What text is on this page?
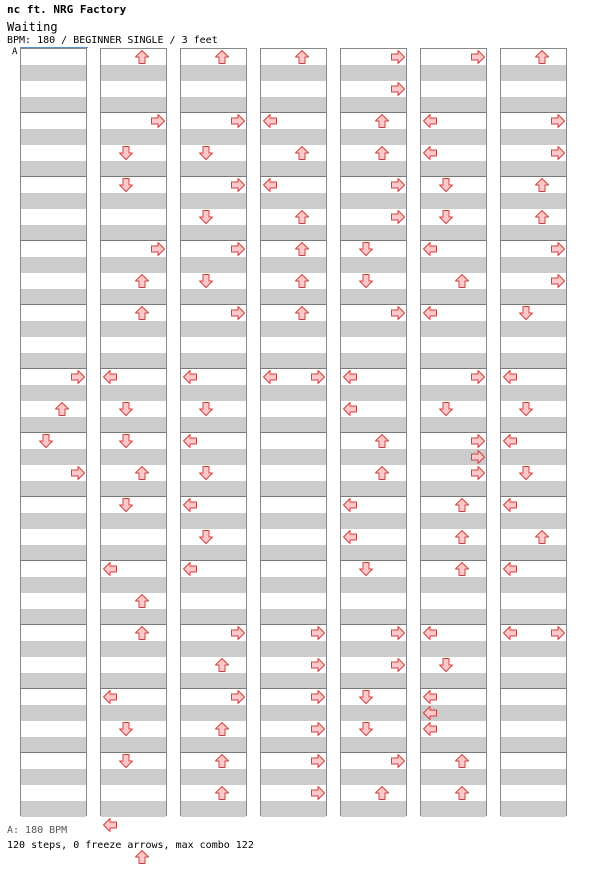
nc ft. NRG Factory
Waiting
BPM: 180 / BEGINNER SINGLE / 3 feet
A
A: 180 BPM
120 steps, 0 freeze arrows, max combo 122
